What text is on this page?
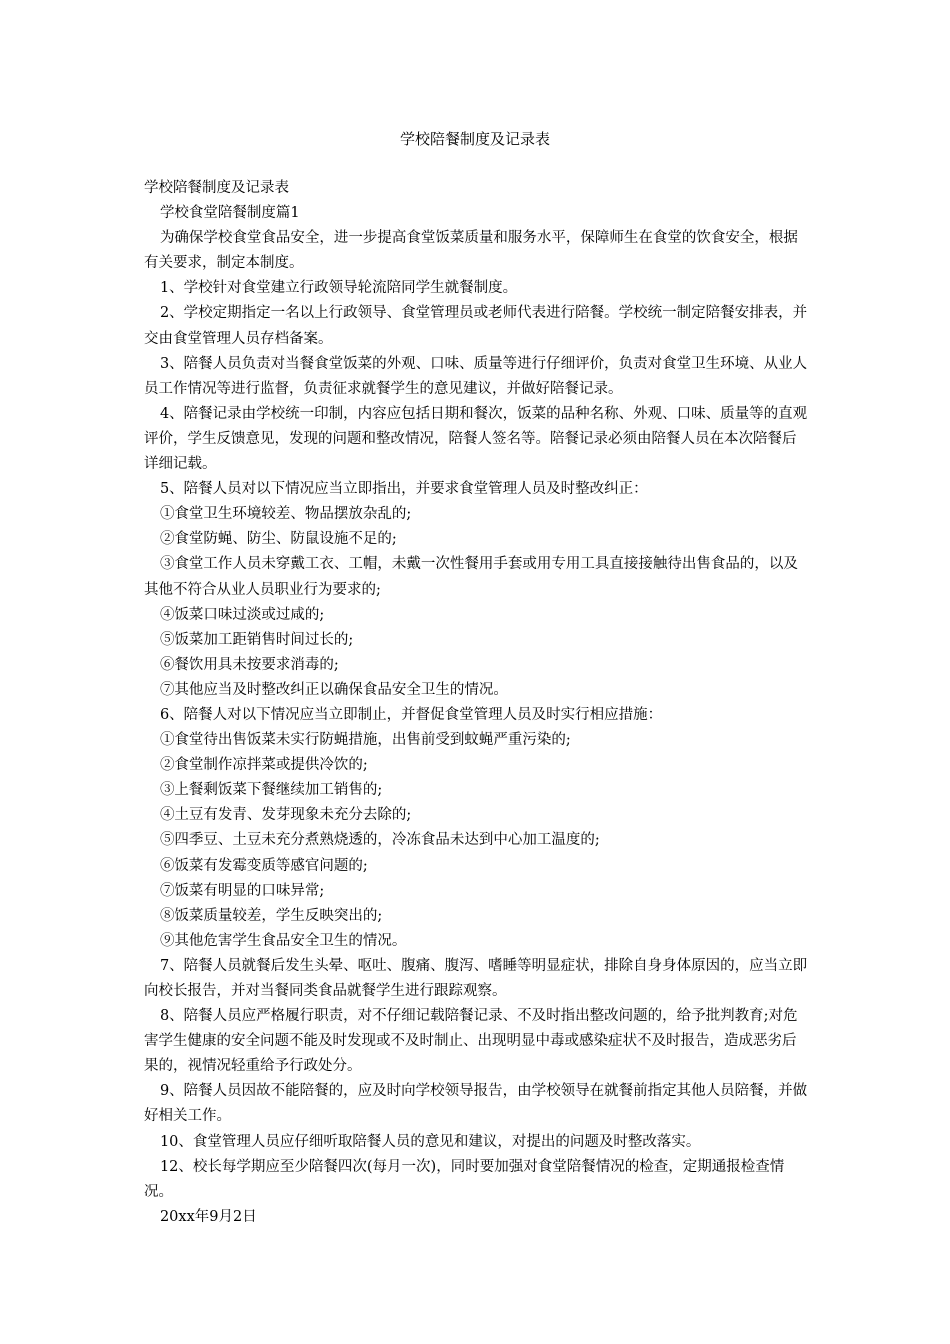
学校陪餐制度及记录表

学校陪餐制度及记录表

学校食堂陪餐制度篇1

为确保学校食堂食品安全，进一步提高食堂饭菜质量和服务水平，保障师生在食堂的饮食安全，根据有关要求，制定本制度。

1、学校针对食堂建立行政领导轮流陪同学生就餐制度。

2、学校定期指定一名以上行政领导、食堂管理员或老师代表进行陪餐。学校统一制定陪餐安排表，并交由食堂管理人员存档备案。

3、陪餐人员负责对当餐食堂饭菜的外观、口味、质量等进行仔细评价，负责对食堂卫生环境、从业人员工作情况等进行监督，负责征求就餐学生的意见建议，并做好陪餐记录。

4、陪餐记录由学校统一印制，内容应包括日期和餐次，饭菜的品种名称、外观、口味、质量等的直观评价，学生反馈意见，发现的问题和整改情况，陪餐人签名等。陪餐记录必须由陪餐人员在本次陪餐后详细记载。

5、陪餐人员对以下情况应当立即指出，并要求食堂管理人员及时整改纠正：

①食堂卫生环境较差、物品摆放杂乱的;

②食堂防蝇、防尘、防鼠设施不足的;

③食堂工作人员未穿戴工衣、工帽，未戴一次性餐用手套或用专用工具直接接触待出售食品的，以及其他不符合从业人员职业行为要求的;

④饭菜口味过淡或过咸的;

⑤饭菜加工距销售时间过长的;

⑥餐饮用具未按要求消毒的;

⑦其他应当及时整改纠正以确保食品安全卫生的情况。

6、陪餐人对以下情况应当立即制止，并督促食堂管理人员及时实行相应措施：

①食堂待出售饭菜未实行防蝇措施，出售前受到蚊蝇严重污染的;

②食堂制作凉拌菜或提供冷饮的;

③上餐剩饭菜下餐继续加工销售的;

④土豆有发青、发芽现象未充分去除的;

⑤四季豆、土豆未充分煮熟烧透的，冷冻食品未达到中心加工温度的;

⑥饭菜有发霉变质等感官问题的;

⑦饭菜有明显的口味异常;

⑧饭菜质量较差，学生反映突出的;

⑨其他危害学生食品安全卫生的情况。

7、陪餐人员就餐后发生头晕、呕吐、腹痛、腹泻、嗜睡等明显症状，排除自身身体原因的，应当立即向校长报告，并对当餐同类食品就餐学生进行跟踪观察。

8、陪餐人员应严格履行职责，对不仔细记载陪餐记录、不及时指出整改问题的，给予批判教育;对危害学生健康的安全问题不能及时发现或不及时制止、出现明显中毒或感染症状不及时报告，造成恶劣后果的，视情况轻重给予行政处分。

9、陪餐人员因故不能陪餐的，应及时向学校领导报告，由学校领导在就餐前指定其他人员陪餐，并做好相关工作。

10、食堂管理人员应仔细听取陪餐人员的意见和建议，对提出的问题及时整改落实。

12、校长每学期应至少陪餐四次(每月一次)，同时要加强对食堂陪餐情况的检查，定期通报检查情况。

20xx年9月2日
